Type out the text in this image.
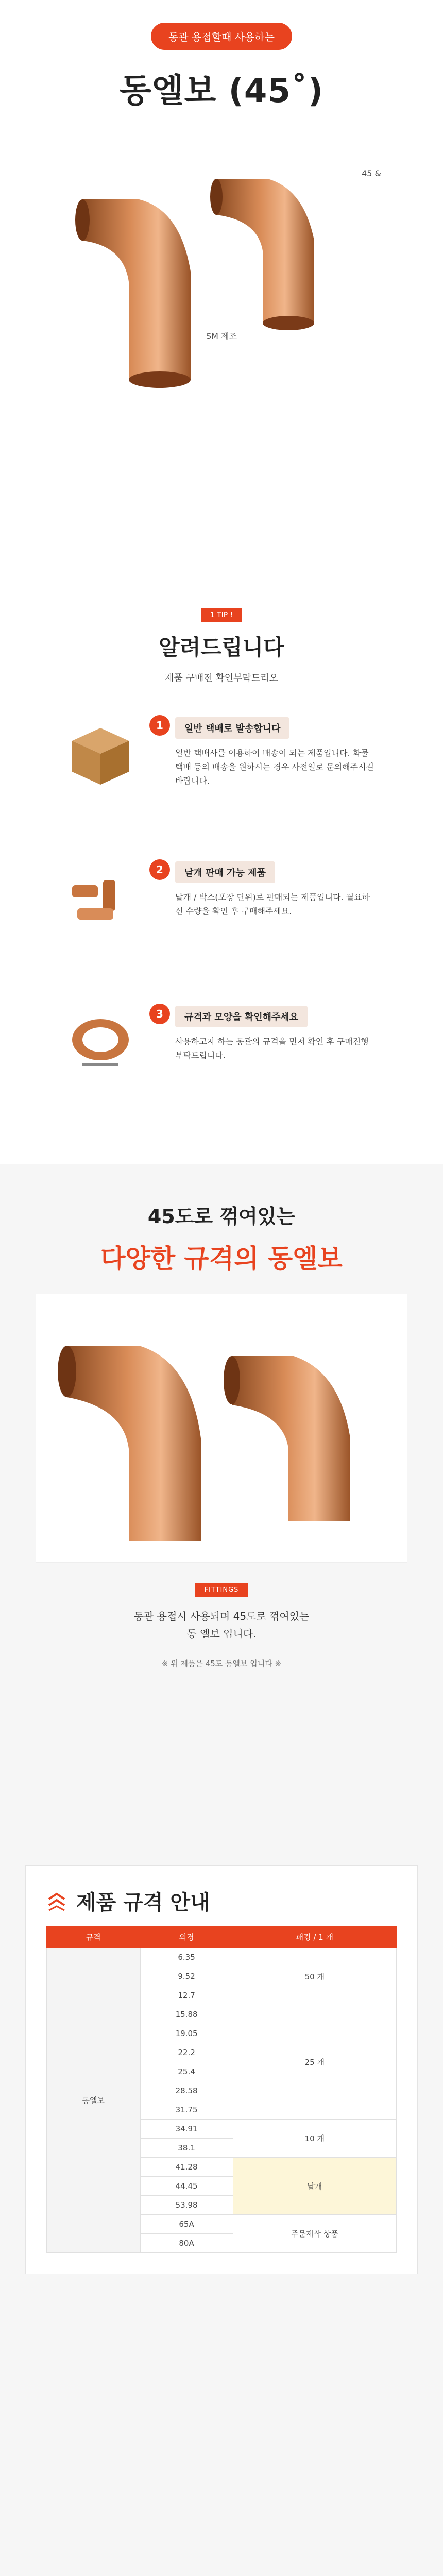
동관 용접할때 사용하는
동엘보 (45˚)
45 &
SM 제조
1 TIP !
알려드립니다
제품 구매전 확인부탁드리오
1	일반 택배로 발송합니다
일반 택배사를 이용하여 배송이 되는 제품입니다. 화물택배 등의 배송을 원하시는 경우 사전일로 문의해주시길 바랍니다.
2	낱개 판매 가능 제품
낱개 / 박스(포장 단위)로 판매되는 제품입니다. 필요하신 수량을 확인 후 구매해주세요.
3	규격과 모양을 확인해주세요
사용하고자 하는 동관의 규격을 먼저 확인 후 구매진행 부탁드립니다.
45도로 꺾여있는
다양한 규격의 동엘보
FITTINGS
동관 용접시 사용되며 45도로 꺾여있는
동 엘보 입니다.
※ 위 제품은 45도 동엘보 입니다 ※
제품 규격 안내
규격	외경	패킹 / 1 개
동엘보	6.35	50 개
	9.52	
	12.7	
	15.88	25 개
	19.05	
	22.2	
	25.4	
	28.58	
	31.75	
	34.91	10 개
	38.1	
	41.28	낱개
	44.45	
	53.98	
	65A	주문제작 상품
	80A	
